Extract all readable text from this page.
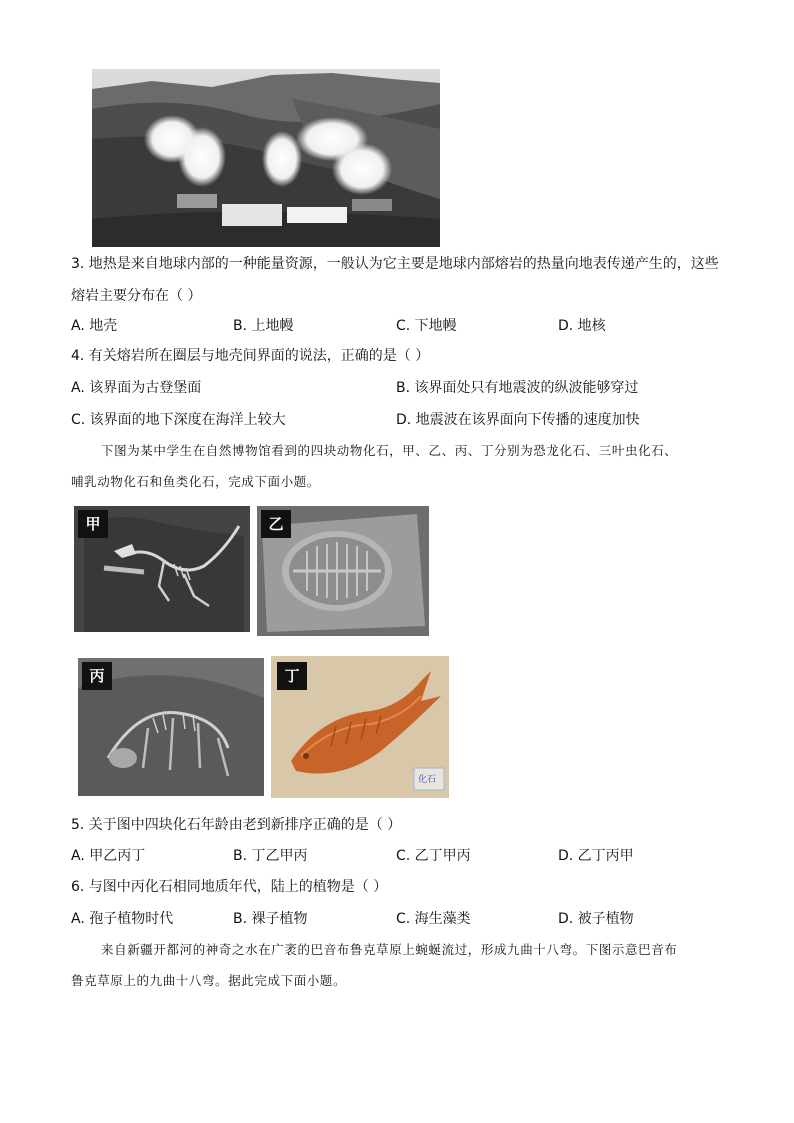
3. 地热是来自地球内部的一种能量资源，一般认为它主要是地球内部熔岩的热量向地表传递产生的，这些
熔岩主要分布在（ ）
A. 地壳	B. 上地幔	C. 下地幔	D. 地核
4. 有关熔岩所在圈层与地壳间界面的说法，正确的是（ ）
A. 该界面为古登堡面	B. 该界面处只有地震波的纵波能够穿过
C. 该界面的地下深度在海洋上较大	D. 地震波在该界面向下传播的速度加快
下图为某中学生在自然博物馆看到的四块动物化石，甲、乙、丙、丁分别为恐龙化石、三叶虫化石、
哺乳动物化石和鱼类化石，完成下面小题。
甲	乙
丙	丁
化石
5. 关于图中四块化石年龄由老到新排序正确的是（ ）
A. 甲乙丙丁	B. 丁乙甲丙	C. 乙丁甲丙	D. 乙丁丙甲
6. 与图中丙化石相同地质年代，陆上的植物是（ ）
A. 孢子植物时代	B. 裸子植物	C. 海生藻类	D. 被子植物
来自新疆开都河的神奇之水在广袤的巴音布鲁克草原上蜿蜒流过，形成九曲十八弯。下图示意巴音布
鲁克草原上的九曲十八弯。据此完成下面小题。
